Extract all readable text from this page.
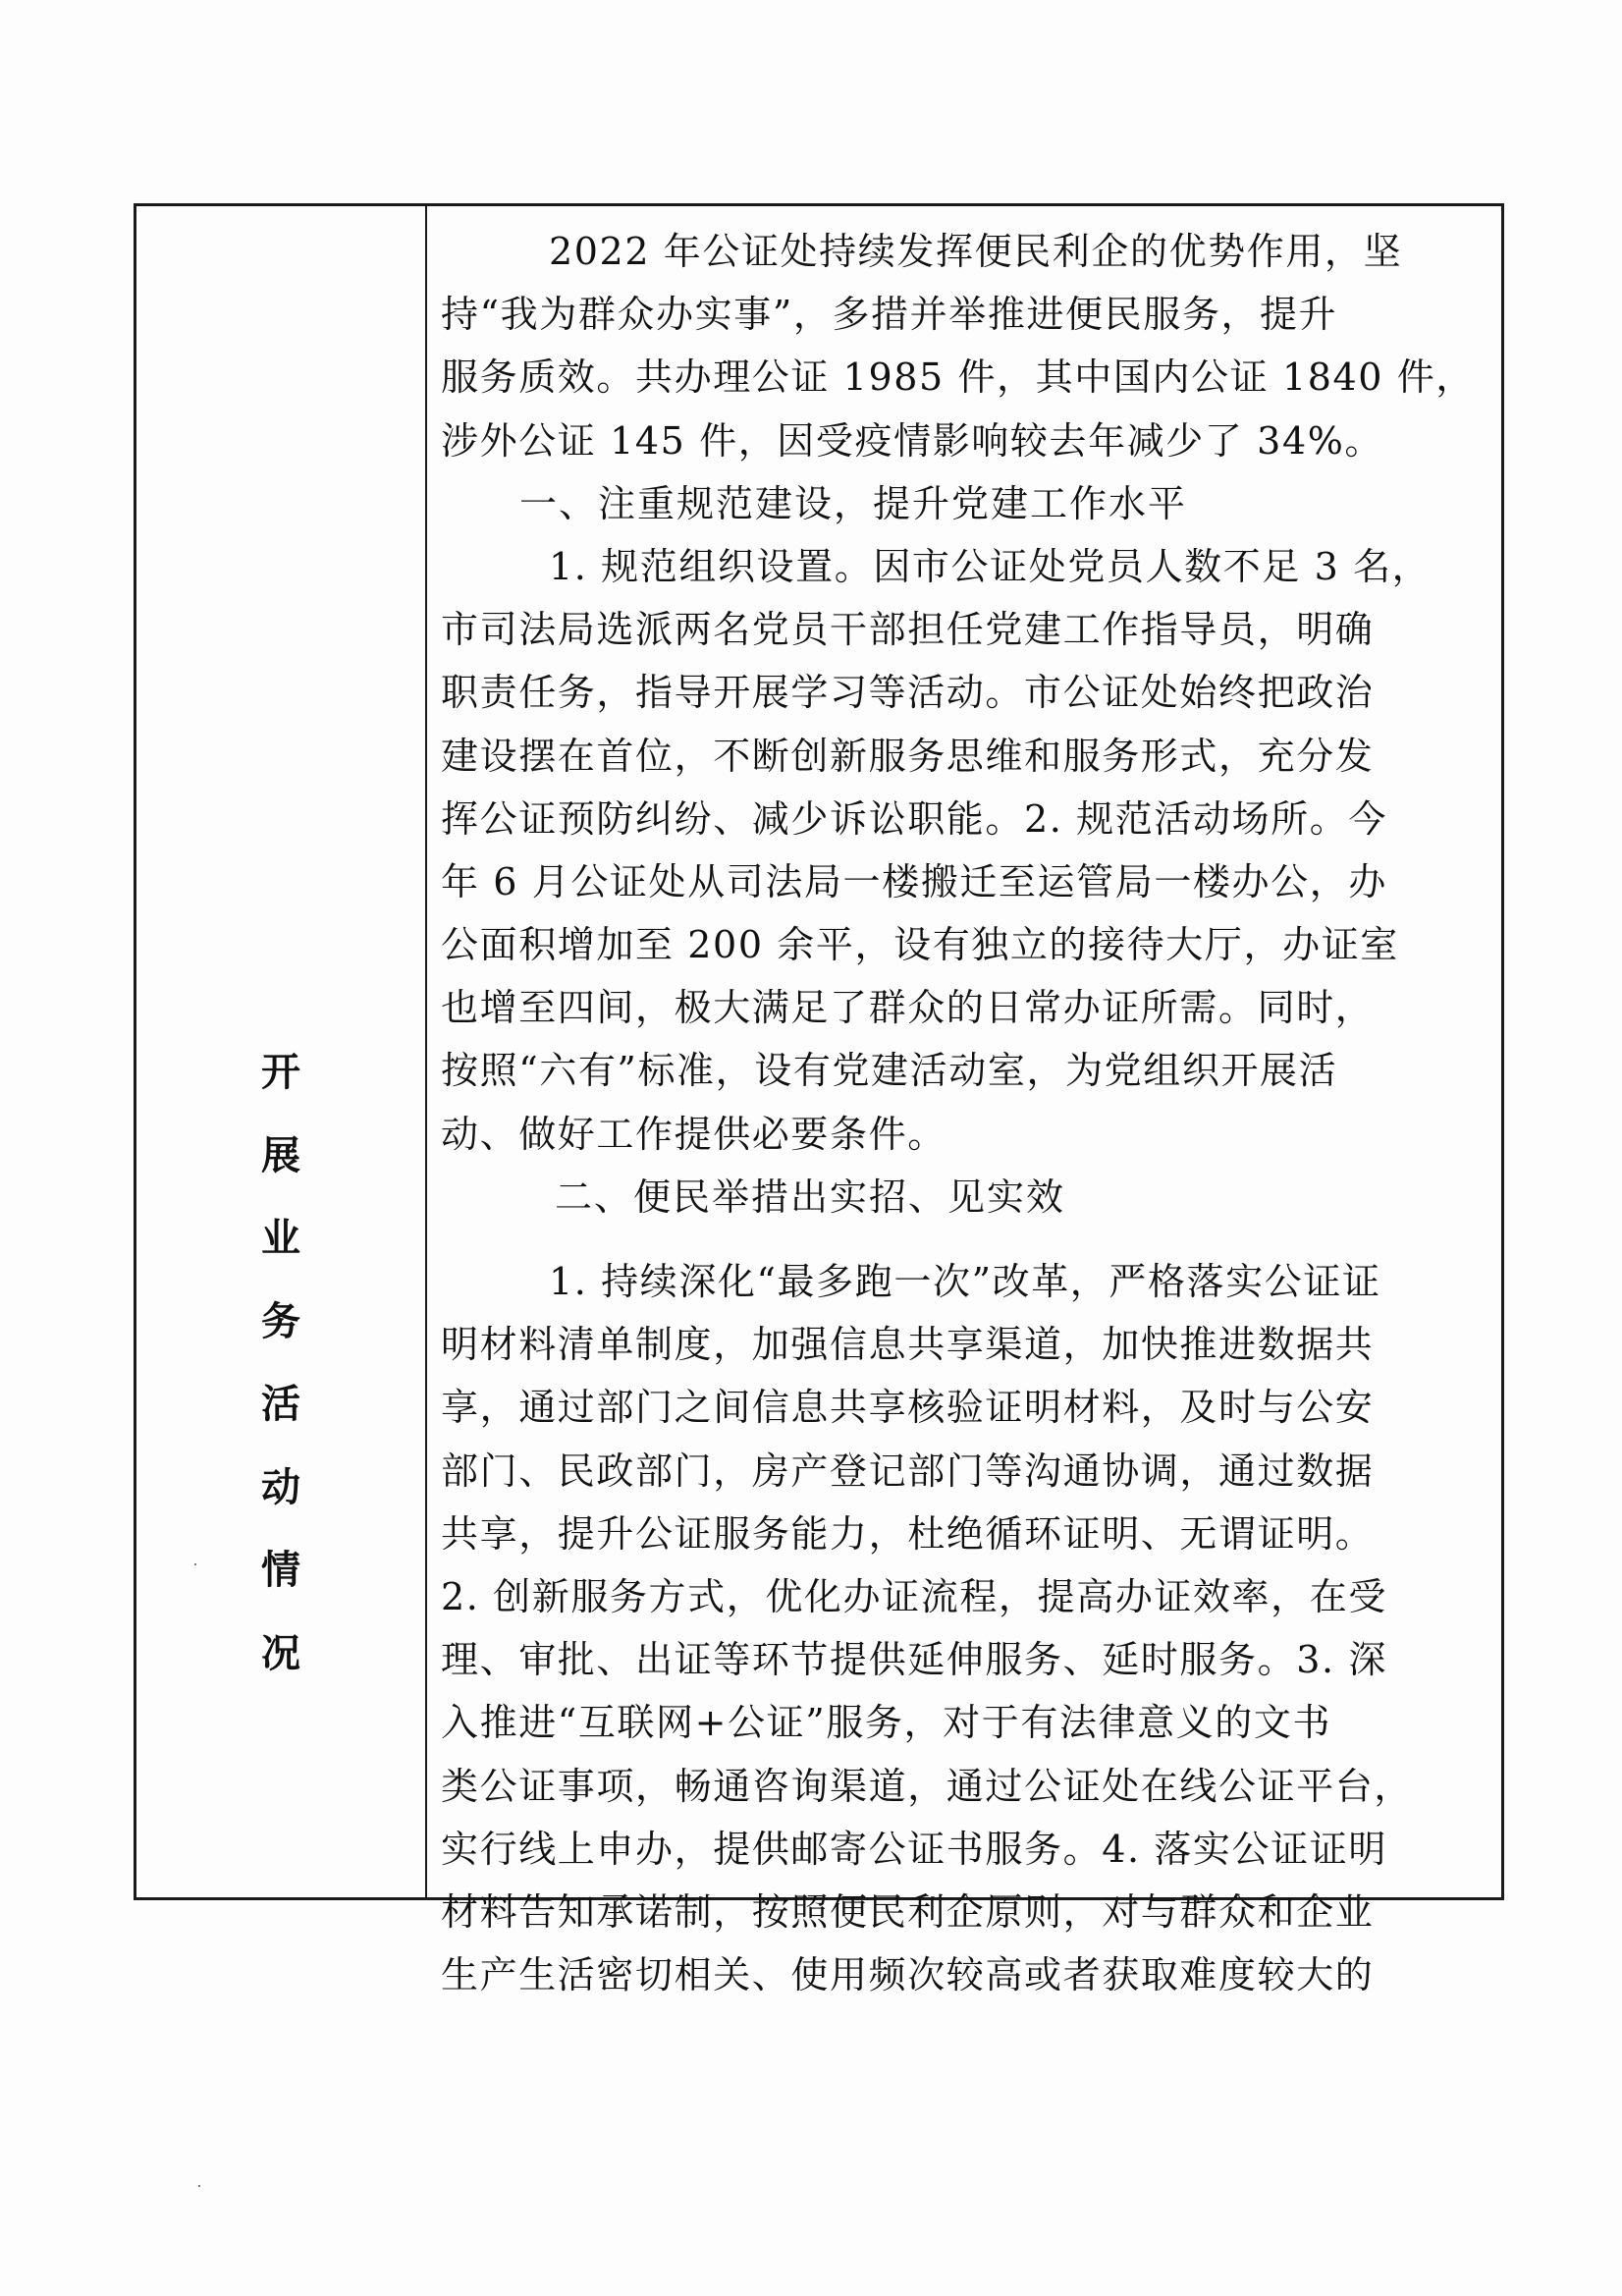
开
展
业
务
活
动
情
况
2022 年公证处持续发挥便民利企的优势作用，坚
持“我为群众办实事”，多措并举推进便民服务，提升
服务质效。共办理公证 1985 件，其中国内公证 1840 件，
涉外公证 145 件，因受疫情影响较去年减少了 34%。
一、注重规范建设，提升党建工作水平
1. 规范组织设置。因市公证处党员人数不足 3 名，
市司法局选派两名党员干部担任党建工作指导员，明确
职责任务，指导开展学习等活动。市公证处始终把政治
建设摆在首位，不断创新服务思维和服务形式，充分发
挥公证预防纠纷、减少诉讼职能。2. 规范活动场所。今
年 6 月公证处从司法局一楼搬迁至运管局一楼办公，办
公面积增加至 200 余平，设有独立的接待大厅，办证室
也增至四间，极大满足了群众的日常办证所需。同时，
按照“六有”标准，设有党建活动室，为党组织开展活
动、做好工作提供必要条件。
二、便民举措出实招、见实效
1. 持续深化“最多跑一次”改革，严格落实公证证
明材料清单制度，加强信息共享渠道，加快推进数据共
享，通过部门之间信息共享核验证明材料，及时与公安
部门、民政部门，房产登记部门等沟通协调，通过数据
共享，提升公证服务能力，杜绝循环证明、无谓证明。
2. 创新服务方式，优化办证流程，提高办证效率，在受
理、审批、出证等环节提供延伸服务、延时服务。3. 深
入推进“互联网+公证”服务，对于有法律意义的文书
类公证事项，畅通咨询渠道，通过公证处在线公证平台，
实行线上申办，提供邮寄公证书服务。4. 落实公证证明
材料告知承诺制，按照便民利企原则，对与群众和企业
生产生活密切相关、使用频次较高或者获取难度较大的
